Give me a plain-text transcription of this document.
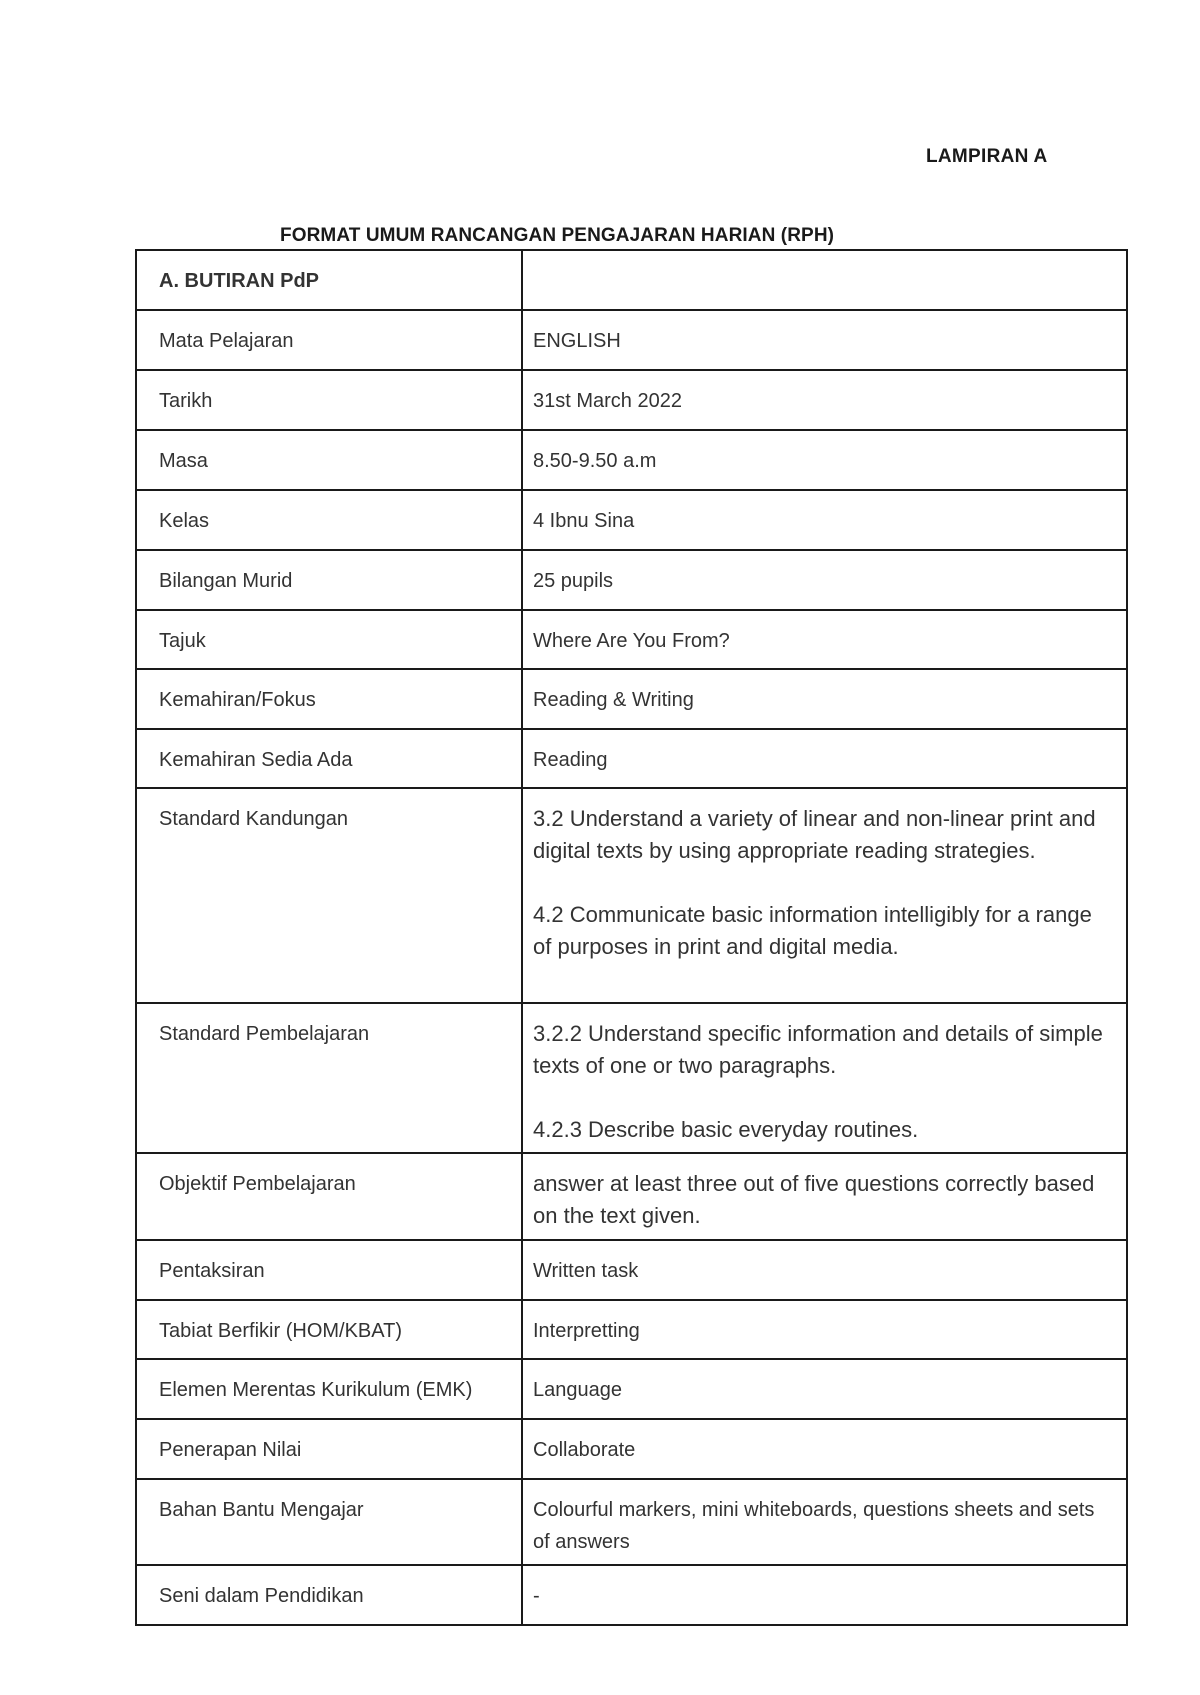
LAMPIRAN A
FORMAT UMUM RANCANGAN PENGAJARAN HARIAN (RPH)
A. BUTIRAN PdP	
Mata Pelajaran	ENGLISH
Tarikh	31st March 2022
Masa	8.50-9.50 a.m
Kelas	4 Ibnu Sina
Bilangan Murid	25 pupils
Tajuk	Where Are You From?
Kemahiran/Fokus	Reading & Writing
Kemahiran Sedia Ada	Reading
Standard Kandungan	3.2 Understand a variety of linear and non-linear print and digital texts by using appropriate reading strategies.
4.2 Communicate basic information intelligibly for a range of purposes in print and digital media.

Standard Pembelajaran	3.2.2 Understand specific information and details of simple texts of one or two paragraphs.
4.2.3 Describe basic everyday routines.

Objektif Pembelajaran	answer at least three out of five questions correctly based on the text given.
Pentaksiran	Written task
Tabiat Berfikir (HOM/KBAT)	Interpretting
Elemen Merentas Kurikulum (EMK)	Language
Penerapan Nilai	Collaborate
Bahan Bantu Mengajar	Colourful markers, mini whiteboards, questions sheets and sets of answers
Seni dalam Pendidikan	-
